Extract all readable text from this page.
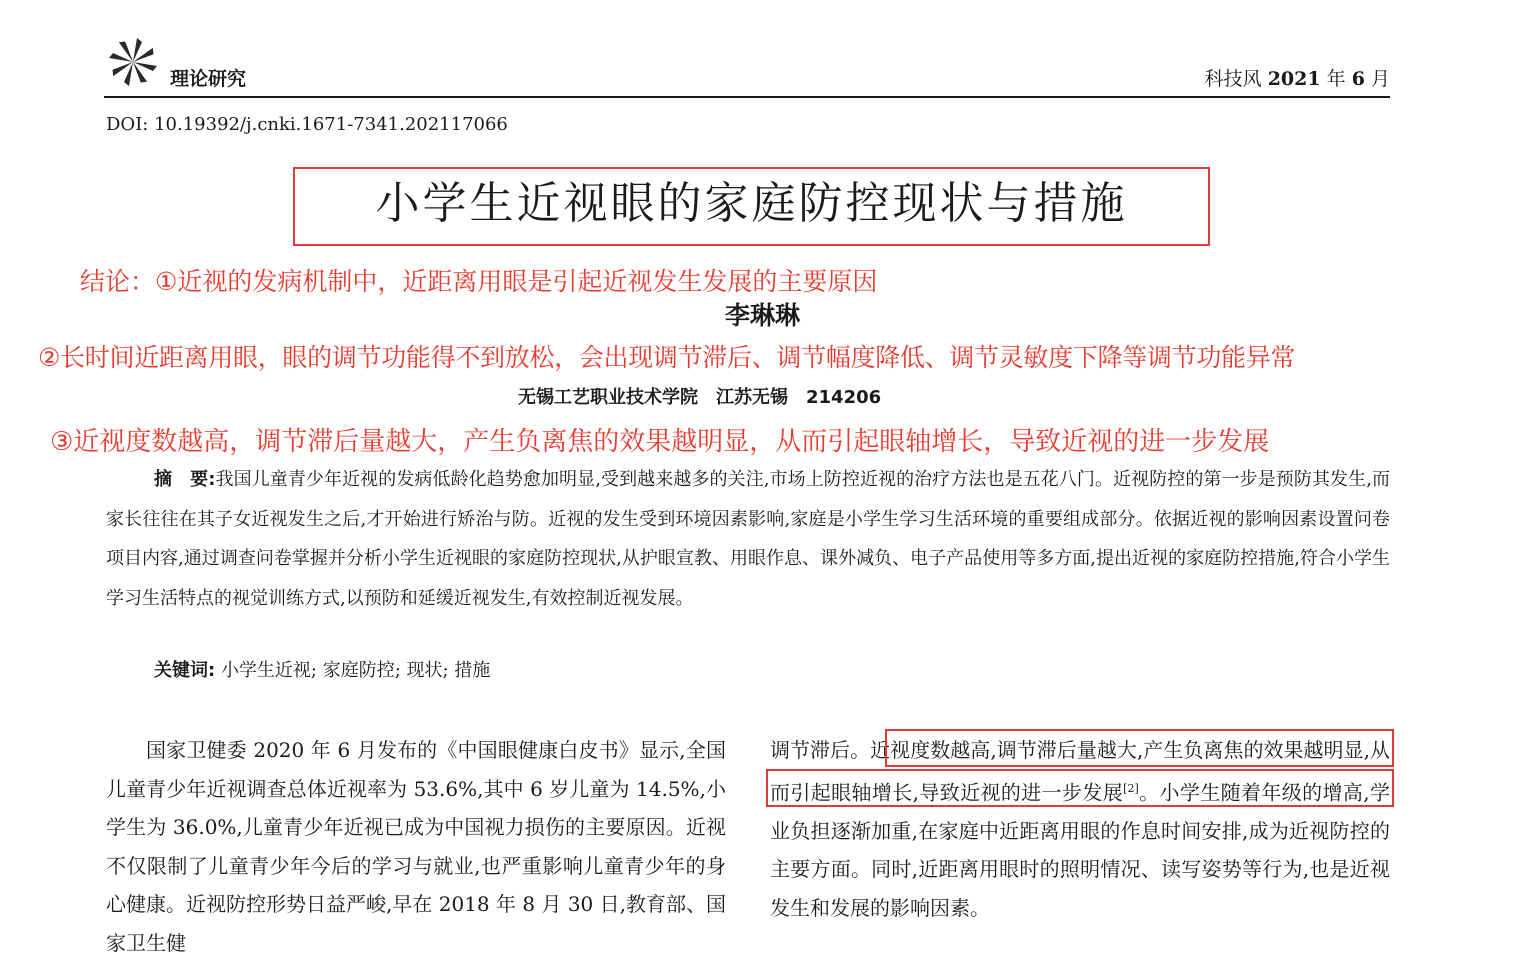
理论研究	科技风 2021 年 6 月
DOI: 10.19392/j.cnki.1671-7341.202117066
小学生近视眼的家庭防控现状与措施
结论：①近视的发病机制中，近距离用眼是引起近视发生发展的主要原因
李琳琳
②长时间近距离用眼，眼的调节功能得不到放松，会出现调节滞后、调节幅度降低、调节灵敏度下降等调节功能异常
无锡工艺职业技术学院　江苏无锡　214206
③近视度数越高，调节滞后量越大，产生负离焦的效果越明显，从而引起眼轴增长，导致近视的进一步发展
摘　要:我国儿童青少年近视的发病低龄化趋势愈加明显,受到越来越多的关注,市场上防控近视的治疗方法也是五花八门。近视防控的第一步是预防其发生,而家长往往在其子女近视发生之后,才开始进行矫治与防。近视的发生受到环境因素影响,家庭是小学生学习生活环境的重要组成部分。依据近视的影响因素设置问卷项目内容,通过调查问卷掌握并分析小学生近视眼的家庭防控现状,从护眼宣教、用眼作息、课外减负、电子产品使用等多方面,提出近视的家庭防控措施,符合小学生学习生活特点的视觉训练方式,以预防和延缓近视发生,有效控制近视发展。
关键词: 小学生近视; 家庭防控; 现状; 措施
国家卫健委 2020 年 6 月发布的《中国眼健康白皮书》显示,全国儿童青少年近视调查总体近视率为 53.6%,其中 6 岁儿童为 14.5%,小学生为 36.0%,儿童青少年近视已成为中国视力损伤的主要原因。近视不仅限制了儿童青少年今后的学习与就业,也严重影响儿童青少年的身心健康。近视防控形势日益严峻,早在 2018 年 8 月 30 日,教育部、国家卫生健
调节滞后。近视度数越高,调节滞后量越大,产生负离焦的效果越明显,从而引起眼轴增长,导致近视的进一步发展[2]。小学生随着年级的增高,学业负担逐渐加重,在家庭中近距离用眼的作息时间安排,成为近视防控的主要方面。同时,近距离用眼时的照明情况、读写姿势等行为,也是近视发生和发展的影响因素。
